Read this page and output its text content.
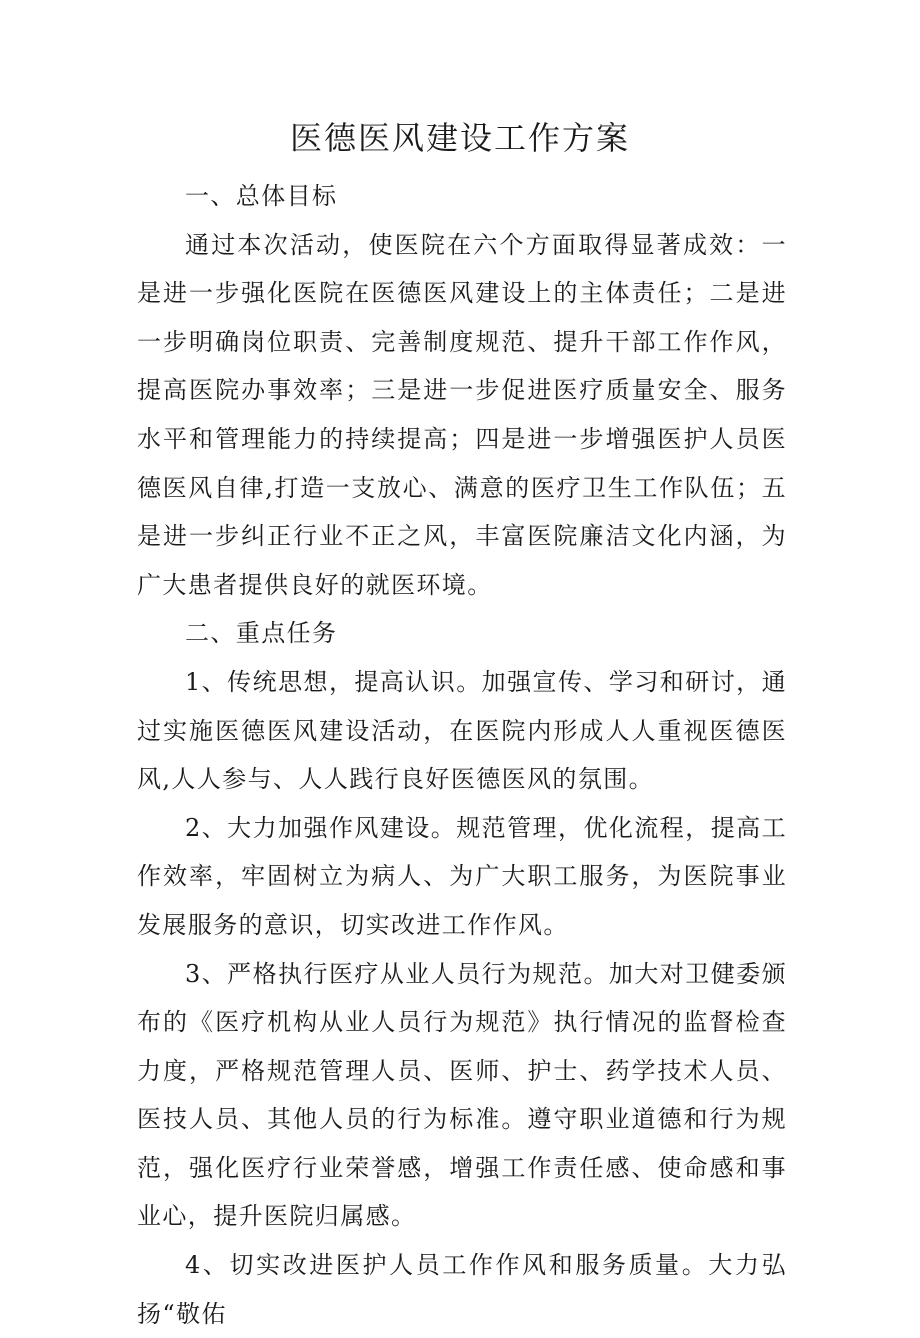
医德医风建设工作方案

一、总体目标

通过本次活动，使医院在六个方面取得显著成效：一是进一步强化医院在医德医风建设上的主体责任；二是进一步明确岗位职责、完善制度规范、提升干部工作作风，提高医院办事效率；三是进一步促进医疗质量安全、服务水平和管理能力的持续提高；四是进一步增强医护人员医德医风自律,打造一支放心、满意的医疗卫生工作队伍；五是进一步纠正行业不正之风，丰富医院廉洁文化内涵，为广大患者提供良好的就医环境。

二、重点任务

1、传统思想，提高认识。加强宣传、学习和研讨，通过实施医德医风建设活动，在医院内形成人人重视医德医风,人人参与、人人践行良好医德医风的氛围。

2、大力加强作风建设。规范管理，优化流程，提高工作效率，牢固树立为病人、为广大职工服务，为医院事业发展服务的意识，切实改进工作作风。

3、严格执行医疗从业人员行为规范。加大对卫健委颁布的《医疗机构从业人员行为规范》执行情况的监督检查力度，严格规范管理人员、医师、护士、药学技术人员、医技人员、其他人员的行为标准。遵守职业道德和行为规范，强化医疗行业荣誉感，增强工作责任感、使命感和事业心，提升医院归属感。

4、切实改进医护人员工作作风和服务质量。大力弘扬“敬佑
